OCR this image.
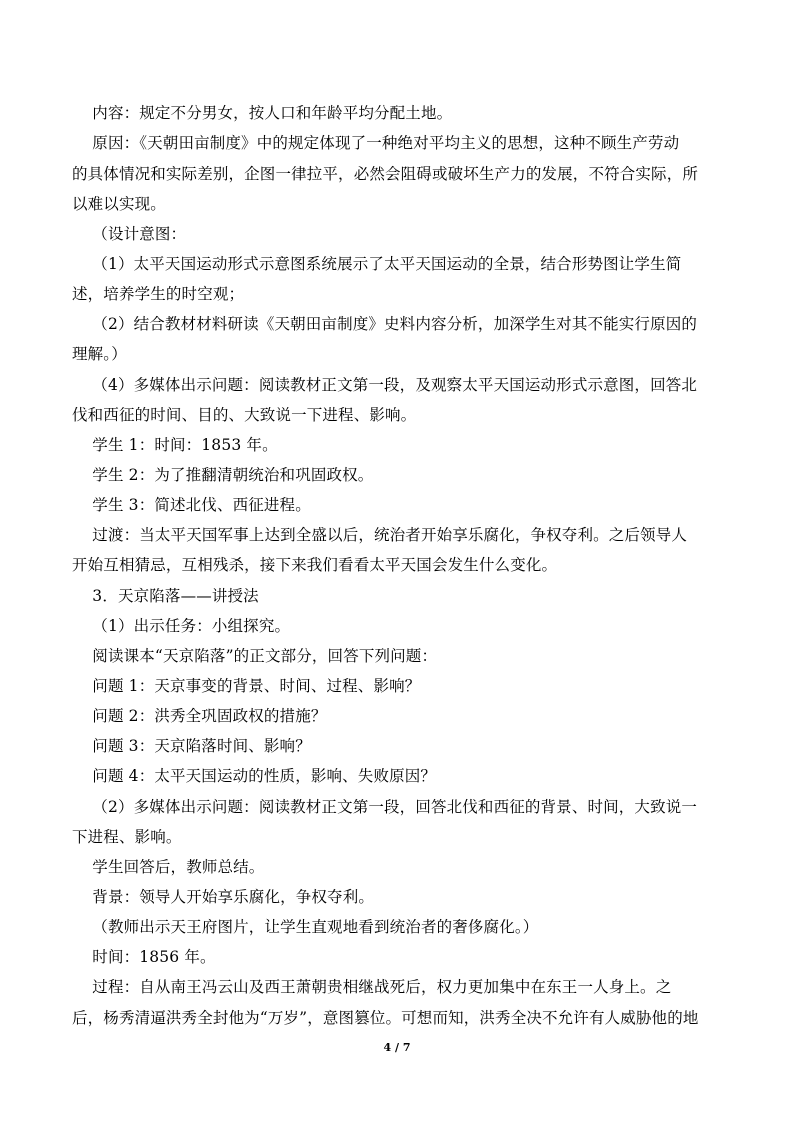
内容：规定不分男女，按人口和年龄平均分配土地。
原因：《天朝田亩制度》中的规定体现了一种绝对平均主义的思想，这种不顾生产劳动
的具体情况和实际差别，企图一律拉平，必然会阻碍或破坏生产力的发展，不符合实际，所
以难以实现。
（设计意图：
（1）太平天国运动形式示意图系统展示了太平天国运动的全景，结合形势图让学生简
述，培养学生的时空观；
（2）结合教材材料研读《天朝田亩制度》史料内容分析，加深学生对其不能实行原因的
理解。）
（4）多媒体出示问题：阅读教材正文第一段，及观察太平天国运动形式示意图，回答北
伐和西征的时间、目的、大致说一下进程、影响。
学生 1：时间：1853 年。
学生 2：为了推翻清朝统治和巩固政权。
学生 3：简述北伐、西征进程。
过渡：当太平天国军事上达到全盛以后，统治者开始享乐腐化，争权夺利。之后领导人
开始互相猜忌，互相残杀，接下来我们看看太平天国会发生什么变化。
3．天京陷落——讲授法
（1）出示任务：小组探究。
阅读课本“天京陷落”的正文部分，回答下列问题：
问题 1：天京事变的背景、时间、过程、影响？
问题 2：洪秀全巩固政权的措施？
问题 3：天京陷落时间、影响？
问题 4：太平天国运动的性质，影响、失败原因？
（2）多媒体出示问题：阅读教材正文第一段，回答北伐和西征的背景、时间，大致说一
下进程、影响。
学生回答后，教师总结。
背景：领导人开始享乐腐化，争权夺利。
（教师出示天王府图片，让学生直观地看到统治者的奢侈腐化。）
时间：1856 年。
过程：自从南王冯云山及西王萧朝贵相继战死后，权力更加集中在东王一人身上。之
后，杨秀清逼洪秀全封他为“万岁”，意图篡位。可想而知，洪秀全决不允许有人威胁他的地
4 / 7
